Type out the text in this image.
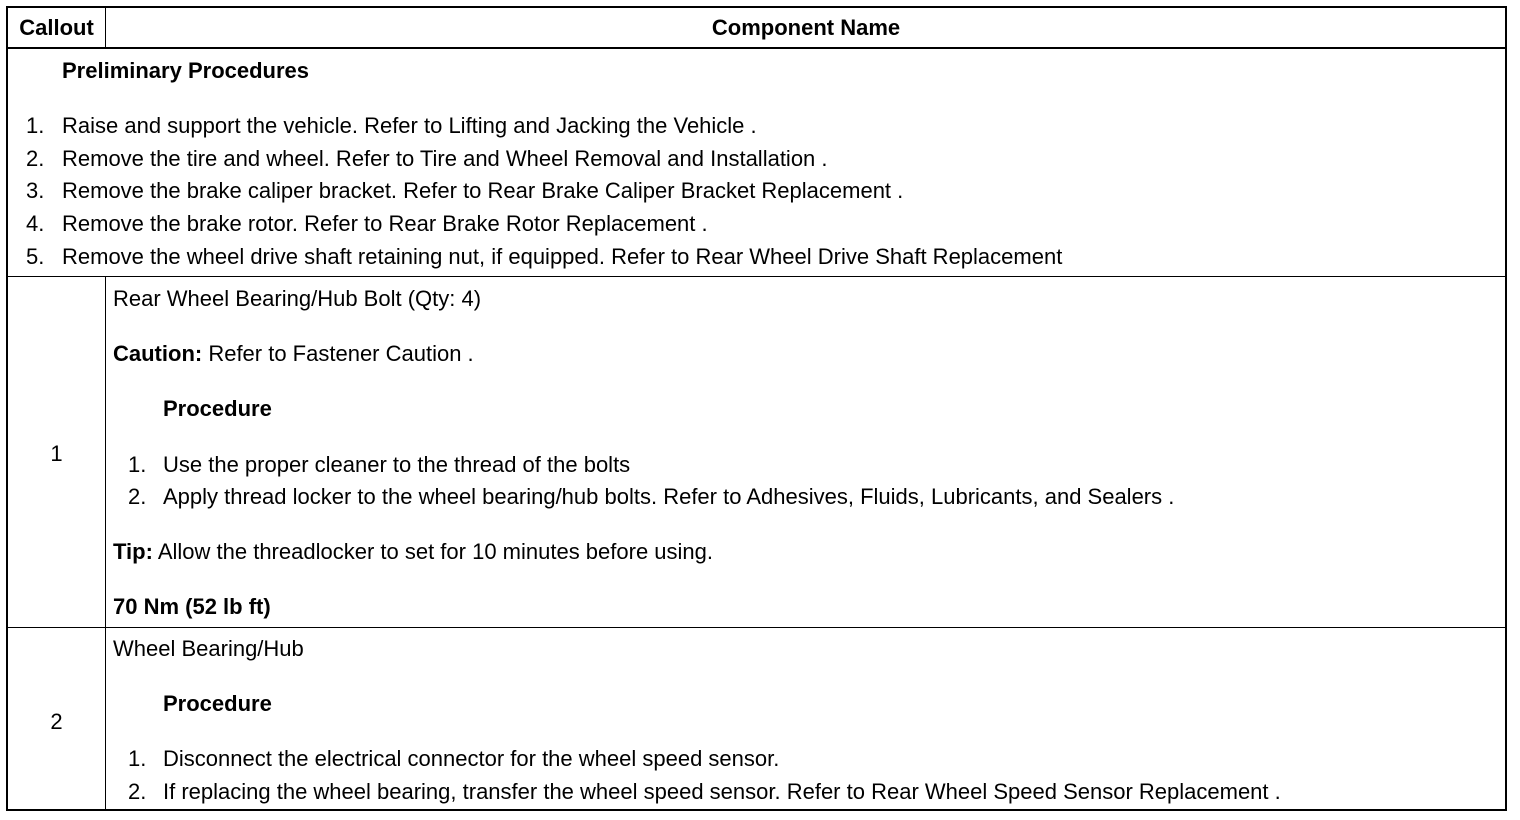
Callout	Component Name
Preliminary Procedures
1. Raise and support the vehicle. Refer to Lifting and Jacking the Vehicle .
2. Remove the tire and wheel. Refer to Tire and Wheel Removal and Installation .
3. Remove the brake caliper bracket. Refer to Rear Brake Caliper Bracket Replacement .
4. Remove the brake rotor. Refer to Rear Brake Rotor Replacement .
5. Remove the wheel drive shaft retaining nut, if equipped. Refer to Rear Wheel Drive Shaft Replacement
1
Rear Wheel Bearing/Hub Bolt (Qty: 4)
Caution: Refer to Fastener Caution .
Procedure
1. Use the proper cleaner to the thread of the bolts
2. Apply thread locker to the wheel bearing/hub bolts. Refer to Adhesives, Fluids, Lubricants, and Sealers .
Tip: Allow the threadlocker to set for 10 minutes before using.
70 Nm (52 lb ft)
2
Wheel Bearing/Hub
Procedure
1. Disconnect the electrical connector for the wheel speed sensor.
2. If replacing the wheel bearing, transfer the wheel speed sensor. Refer to Rear Wheel Speed Sensor Replacement .
